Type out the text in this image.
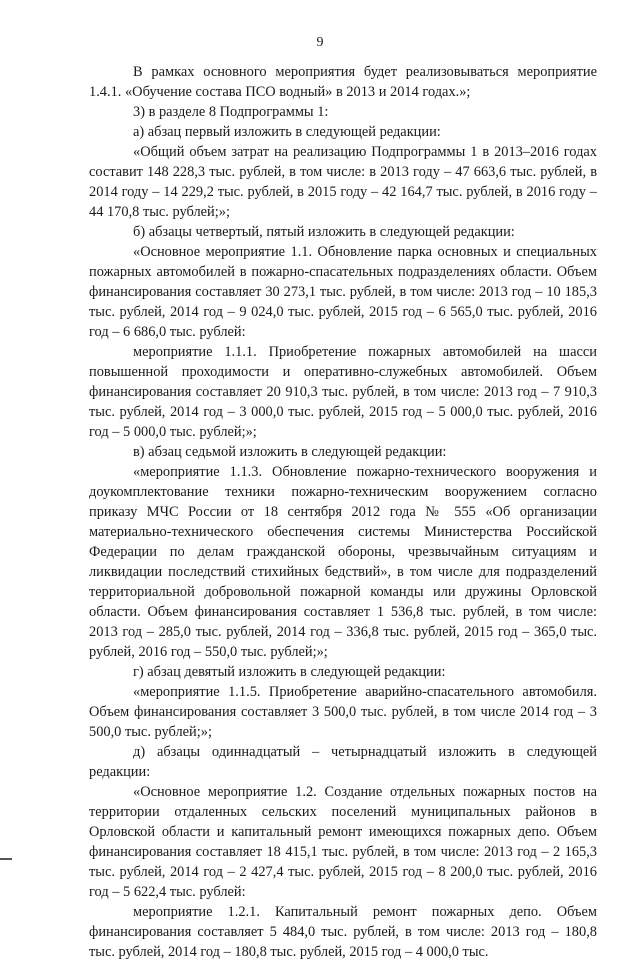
9

В рамках основного мероприятия будет реализовываться мероприятие 1.4.1. «Обучение состава ПСО водный» в 2013 и 2014 годах.»;

3) в разделе 8 Подпрограммы 1:

а) абзац первый изложить в следующей редакции:

«Общий объем затрат на реализацию Подпрограммы 1 в 2013–2016 годах составит 148 228,3 тыс. рублей, в том числе: в 2013 году – 47 663,6 тыс. рублей, в 2014 году – 14 229,2 тыс. рублей, в 2015 году – 42 164,7 тыс. рублей, в 2016 году – 44 170,8 тыс. рублей;»;

б) абзацы четвертый, пятый изложить в следующей редакции:

«Основное мероприятие 1.1. Обновление парка основных и специальных пожарных автомобилей в пожарно-спасательных подразделениях области. Объем финансирования составляет 30 273,1 тыс. рублей, в том числе: 2013 год – 10 185,3 тыс. рублей, 2014 год – 9 024,0 тыс. рублей, 2015 год – 6 565,0 тыс. рублей, 2016 год – 6 686,0 тыс. рублей:

мероприятие 1.1.1. Приобретение пожарных автомобилей на шасси повышенной проходимости и оперативно-служебных автомобилей. Объем финансирования составляет 20 910,3 тыс. рублей, в том числе: 2013 год – 7 910,3 тыс. рублей, 2014 год – 3 000,0 тыс. рублей, 2015 год – 5 000,0 тыс. рублей, 2016 год – 5 000,0 тыс. рублей;»;

в) абзац седьмой изложить в следующей редакции:

«мероприятие 1.1.3. Обновление пожарно-технического вооружения и доукомплектование техники пожарно-техническим вооружением согласно приказу МЧС России от 18 сентября 2012 года № 555 «Об организации материально-технического обеспечения системы Министерства Российской Федерации по делам гражданской обороны, чрезвычайным ситуациям и ликвидации последствий стихийных бедствий», в том числе для подразделений территориальной добровольной пожарной команды или дружины Орловской области. Объем финансирования составляет 1 536,8 тыс. рублей, в том числе: 2013 год – 285,0 тыс. рублей, 2014 год – 336,8 тыс. рублей, 2015 год – 365,0 тыс. рублей, 2016 год – 550,0 тыс. рублей;»;

г) абзац девятый изложить в следующей редакции:

«мероприятие 1.1.5. Приобретение аварийно-спасательного автомобиля. Объем финансирования составляет 3 500,0 тыс. рублей, в том числе 2014 год – 3 500,0 тыс. рублей;»;

д) абзацы одиннадцатый – четырнадцатый изложить в следующей редакции:

«Основное мероприятие 1.2. Создание отдельных пожарных постов на территории отдаленных сельских поселений муниципальных районов в Орловской области и капитальный ремонт имеющихся пожарных депо. Объем финансирования составляет 18 415,1 тыс. рублей, в том числе: 2013 год – 2 165,3 тыс. рублей, 2014 год – 2 427,4 тыс. рублей, 2015 год – 8 200,0 тыс. рублей, 2016 год – 5 622,4 тыс. рублей:

мероприятие 1.2.1. Капитальный ремонт пожарных депо. Объем финансирования составляет 5 484,0 тыс. рублей, в том числе: 2013 год – 180,8 тыс. рублей, 2014 год – 180,8 тыс. рублей, 2015 год – 4 000,0 тыс.
